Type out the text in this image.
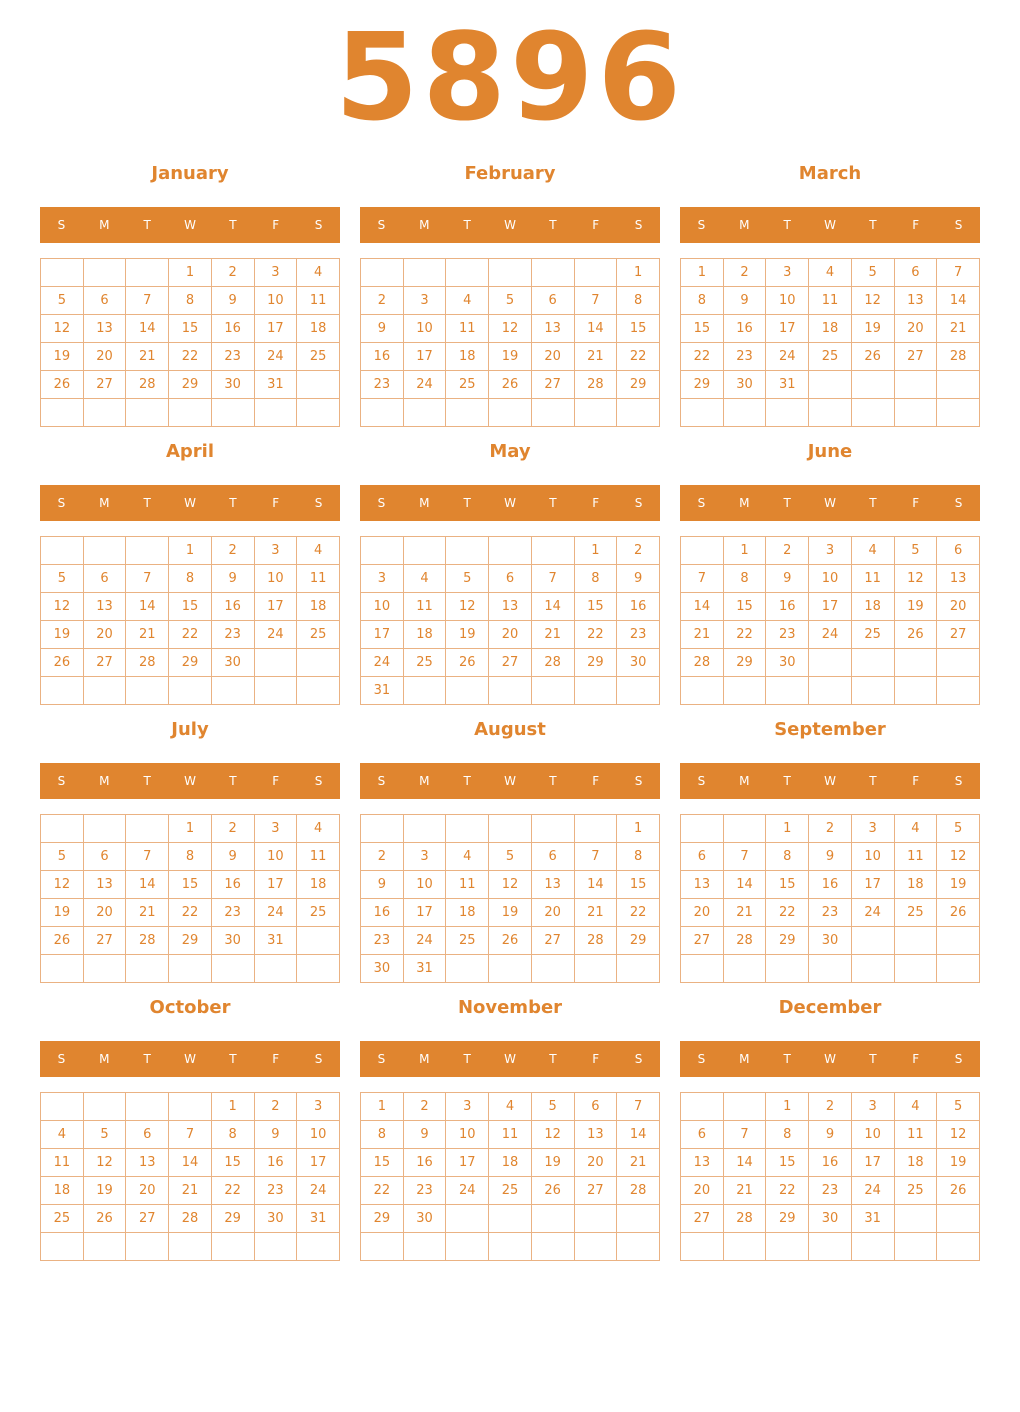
5896
January
S	M	T	W	T	F	S
			1	2	3	4
5	6	7	8	9	10	11
12	13	14	15	16	17	18
19	20	21	22	23	24	25
26	27	28	29	30	31	

February
S	M	T	W	T	F	S
						1
2	3	4	5	6	7	8
9	10	11	12	13	14	15
16	17	18	19	20	21	22
23	24	25	26	27	28	29

March
S	M	T	W	T	F	S
1	2	3	4	5	6	7
8	9	10	11	12	13	14
15	16	17	18	19	20	21
22	23	24	25	26	27	28
29	30	31				

April
S	M	T	W	T	F	S
			1	2	3	4
5	6	7	8	9	10	11
12	13	14	15	16	17	18
19	20	21	22	23	24	25
26	27	28	29	30		

May
S	M	T	W	T	F	S
					1	2
3	4	5	6	7	8	9
10	11	12	13	14	15	16
17	18	19	20	21	22	23
24	25	26	27	28	29	30
31						
June
S	M	T	W	T	F	S
	1	2	3	4	5	6
7	8	9	10	11	12	13
14	15	16	17	18	19	20
21	22	23	24	25	26	27
28	29	30				

July
S	M	T	W	T	F	S
			1	2	3	4
5	6	7	8	9	10	11
12	13	14	15	16	17	18
19	20	21	22	23	24	25
26	27	28	29	30	31	

August
S	M	T	W	T	F	S
						1
2	3	4	5	6	7	8
9	10	11	12	13	14	15
16	17	18	19	20	21	22
23	24	25	26	27	28	29
30	31					
September
S	M	T	W	T	F	S
		1	2	3	4	5
6	7	8	9	10	11	12
13	14	15	16	17	18	19
20	21	22	23	24	25	26
27	28	29	30			

October
S	M	T	W	T	F	S
				1	2	3
4	5	6	7	8	9	10
11	12	13	14	15	16	17
18	19	20	21	22	23	24
25	26	27	28	29	30	31

November
S	M	T	W	T	F	S
1	2	3	4	5	6	7
8	9	10	11	12	13	14
15	16	17	18	19	20	21
22	23	24	25	26	27	28
29	30					

December
S	M	T	W	T	F	S
		1	2	3	4	5
6	7	8	9	10	11	12
13	14	15	16	17	18	19
20	21	22	23	24	25	26
27	28	29	30	31		
